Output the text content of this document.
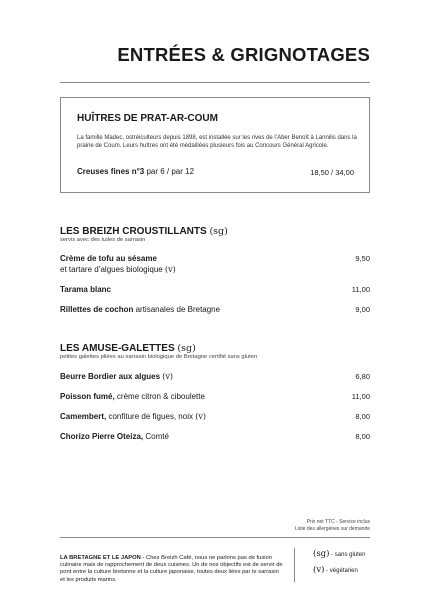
ENTRÉES & GRIGNOTAGES
HUÎTRES DE PRAT-AR-COUM
La famille Madec, ostréiculteurs depuis 1898, est installée sur les rives de l’Aber Benoît à Lannilis dans la prairie de Coum. Leurs huîtres ont été médaillées plusieurs fois au Concours Général Agricole.
Creuses fines n°3 par 6 / par 12	18,50 / 34,00
LES BREIZH CROUSTILLANTS (sg)
servis avec des tuiles de sarrasin
Crème de tofu au sésame
et tartare d’algues biologique (v)
9,50
Tarama blanc	11,00
Rillettes de cochon artisanales de Bretagne	9,00
LES AMUSE-GALETTES (sg)
petites galettes pliées au sarrasin biologique de Bretagne certifié sans gluten
Beurre Bordier aux algues (v)	6,80
Poisson fumé, crème citron & ciboulette	11,00
Camembert, confiture de figues, noix (v)	8,00
Chorizo Pierre Oteiza, Comté	8,00
Prix net TTC - Service inclus
Liste des allergènes sur demande
LA BRETAGNE ET LE JAPON - Chez Breizh Café, nous ne parlons pas de fusion culinaire mais de rapprochement de deux cuisines. Un de nos objectifs est de servir de pont entre la culture bretonne et la culture japonaise, toutes deux liées par le sarrasin et les produits marins.
(sg) - sans gluten
(v) - végétarien
